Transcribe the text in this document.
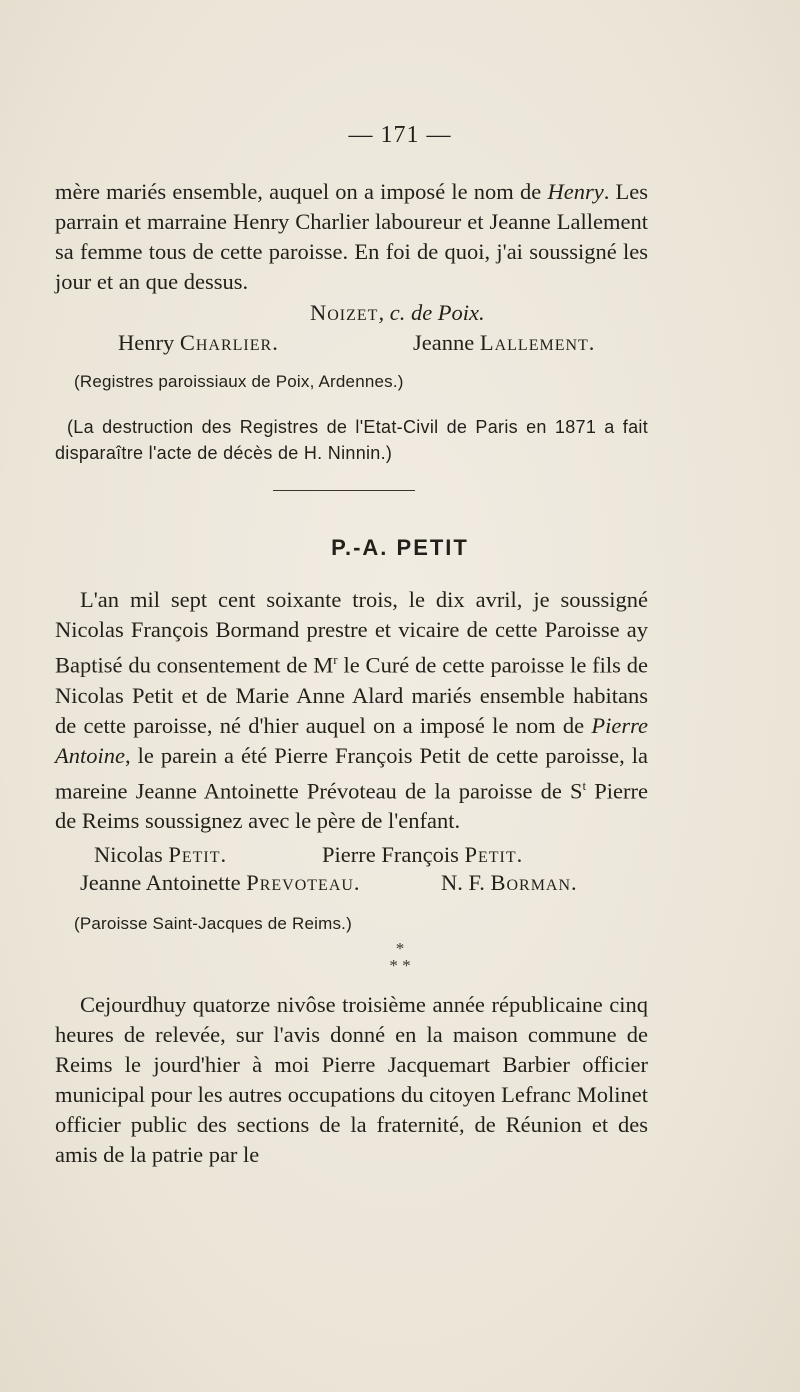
— 171 —

mère mariés ensemble, auquel on a imposé le nom de Henry. Les parrain et marraine Henry Charlier laboureur et Jeanne Lallement sa femme tous de cette paroisse. En foi de quoi, j'ai soussigné les jour et an que dessus.

Noizet, c. de Poix.
Henry Charlier.	Jeanne Lallement.
(Registres paroissiaux de Poix, Ardennes.)
(La destruction des Registres de l'Etat-Civil de Paris en 1871 a fait disparaître l'acte de décès de H. Ninnin.)
P.-A. PETIT

L'an mil sept cent soixante trois, le dix avril, je soussigné Nicolas François Bormand prestre et vicaire de cette Paroisse ay Baptisé du consentement de $M^r$ le Curé de cette paroisse le fils de Nicolas Petit et de Marie Anne Alard mariés ensemble habitans de cette paroisse, né d'hier auquel on a imposé le nom de Pierre Antoine, le parein a été Pierre François Petit de cette paroisse, la mareine Jeanne Antoinette Prévoteau de la paroisse de $S^t$ Pierre de Reims soussignez avec le père de l'enfant.

Nicolas Petit.	Pierre François Petit.
Jeanne Antoinette Prevoteau.	N. F. Borman.
(Paroisse Saint-Jacques de Reims.)
*
* *

Cejourdhuy quatorze nivôse troisième année républicaine cinq heures de relevée, sur l'avis donné en la maison commune de Reims le jourd'hier à moi Pierre Jacquemart Barbier officier municipal pour les autres occupations du citoyen Lefranc Molinet officier public des sections de la fraternité, de Réunion et des amis de la patrie par le
